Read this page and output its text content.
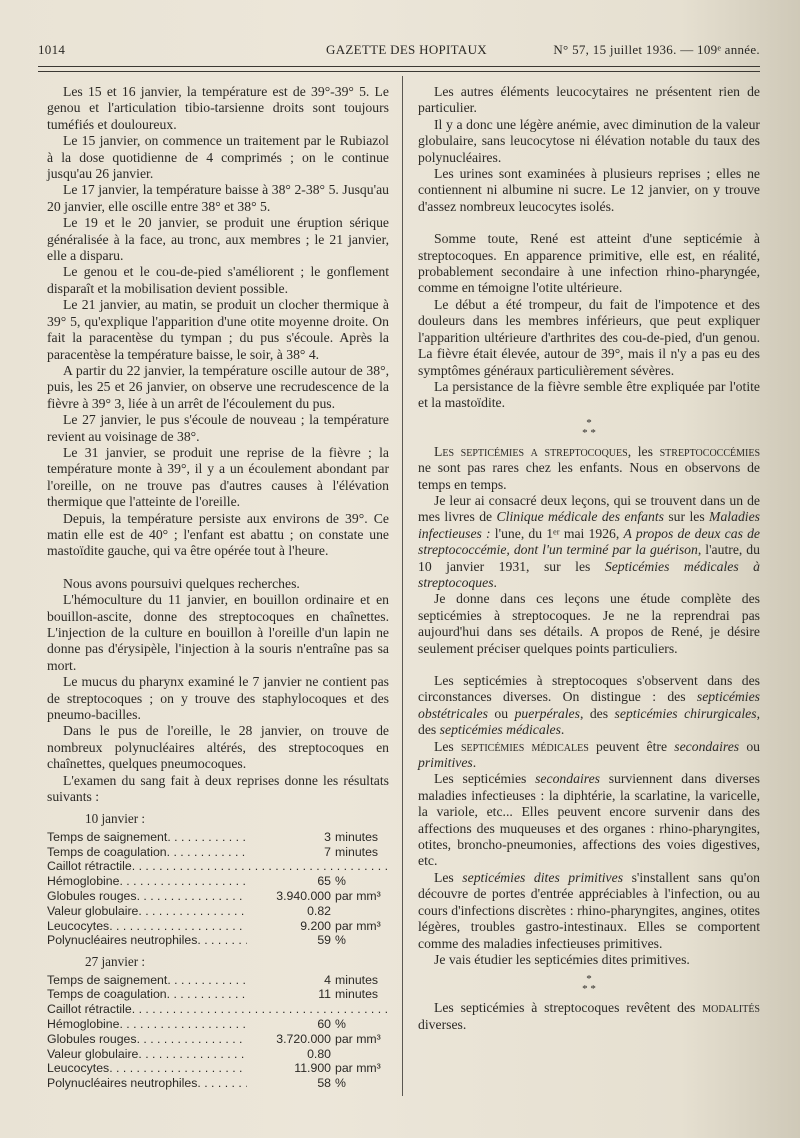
1014	GAZETTE DES HOPITAUX	N° 57, 15 juillet 1936. — 109ᵉ année.

Les 15 et 16 janvier, la température est de 39°-39° 5. Le genou et l'articulation tibio-tarsienne droits sont toujours tuméfiés et douloureux.

Le 15 janvier, on commence un traitement par le Rubiazol à la dose quotidienne de 4 comprimés ; on le continue jusqu'au 26 janvier.

Le 17 janvier, la température baisse à 38° 2-38° 5. Jusqu'au 20 janvier, elle oscille entre 38° et 38° 5.

Le 19 et le 20 janvier, se produit une éruption sérique généralisée à la face, au tronc, aux membres ; le 21 janvier, elle a disparu.

Le genou et le cou-de-pied s'améliorent ; le gonflement disparaît et la mobilisation devient possible.

Le 21 janvier, au matin, se produit un clocher thermique à 39° 5, qu'explique l'apparition d'une otite moyenne droite. On fait la paracentèse du tympan ; du pus s'écoule. Après la paracentèse la température baisse, le soir, à 38° 4.

A partir du 22 janvier, la température oscille autour de 38°, puis, les 25 et 26 janvier, on observe une recrudescence de la fièvre à 39° 3, liée à un arrêt de l'écoulement du pus.

Le 27 janvier, le pus s'écoule de nouveau ; la température revient au voisinage de 38°.

Le 31 janvier, se produit une reprise de la fièvre ; la température monte à 39°, il y a un écoulement abondant par l'oreille, on ne trouve pas d'autres causes à l'élévation thermique que l'atteinte de l'oreille.

Depuis, la température persiste aux environs de 39°. Ce matin elle est de 40° ; l'enfant est abattu ; on constate une mastoïdite gauche, qui va être opérée tout à l'heure.

Nous avons poursuivi quelques recherches.

L'hémoculture du 11 janvier, en bouillon ordinaire et en bouillon-ascite, donne des streptocoques en chaînettes. L'injection de la culture en bouillon à l'oreille d'un lapin ne donne pas d'érysipèle, l'injection à la souris n'entraîne pas sa mort.

Le mucus du pharynx examiné le 7 janvier ne contient pas de streptocoques ; on y trouve des staphylocoques et des pneumo-bacilles.

Dans le pus de l'oreille, le 28 janvier, on trouve de nombreux polynucléaires altérés, des streptocoques en chaînettes, quelques pneumocoques.

L'examen du sang fait à deux reprises donne les résultats suivants :

10 janvier :
Temps de saignement . . .	3 minutes
Temps de coagulation . . .	7 minutes
Caillot rétractile
. . .
Hémoglobine . . .	65 %
Globules rouges . . .	3.940.000 par mm³
Valeur globulaire . . .	0.82
Leucocytes . . .	9.200 par mm³
Polynucléaires neutrophiles . . .	59 %
27 janvier :
Temps de saignement . . .	4 minutes
Temps de coagulation . . .	11 minutes
Caillot rétractile
. . .
Hémoglobine . . .	60 %
Globules rouges . . .	3.720.000 par mm³
Valeur globulaire . . .	0.80
Leucocytes . . .	11.900 par mm³
Polynucléaires neutrophiles . . .	58 %

Les autres éléments leucocytaires ne présentent rien de particulier.

Il y a donc une légère anémie, avec diminution de la valeur globulaire, sans leucocytose ni élévation notable du taux des polynucléaires.

Les urines sont examinées à plusieurs reprises ; elles ne contiennent ni albumine ni sucre. Le 12 janvier, on y trouve d'assez nombreux leucocytes isolés.

Somme toute, René est atteint d'une septicémie à streptocoques. En apparence primitive, elle est, en réalité, probablement secondaire à une infection rhino-pharyngée, comme en témoigne l'otite ultérieure.

Le début a été trompeur, du fait de l'impotence et des douleurs dans les membres inférieurs, que peut expliquer l'apparition ultérieure d'arthrites des cou-de-pied, d'un genou. La fièvre était élevée, autour de 39°, mais il n'y a pas eu des symptômes généraux particulièrement sévères.

La persistance de la fièvre semble être expliquée par l'otite et la mastoïdite.

*
* *

Les septicémies a streptocoques, les streptococcémies ne sont pas rares chez les enfants. Nous en observons de temps en temps.

Je leur ai consacré deux leçons, qui se trouvent dans un de mes livres de Clinique médicale des enfants sur les Maladies infectieuses : l'une, du 1ᵉʳ mai 1926, A propos de deux cas de streptococcémie, dont l'un terminé par la guérison, l'autre, du 10 janvier 1931, sur les Septicémies médicales à streptocoques.

Je donne dans ces leçons une étude complète des septicémies à streptocoques. Je ne la reprendrai pas aujourd'hui dans ses détails. A propos de René, je désire seulement préciser quelques points particuliers.

Les septicémies à streptocoques s'observent dans des circonstances diverses. On distingue : des septicémies obstétricales ou puerpérales, des septicémies chirurgicales, des septicémies médicales.

Les septicémies médicales peuvent être secondaires ou primitives.

Les septicémies secondaires surviennent dans diverses maladies infectieuses : la diphtérie, la scarlatine, la varicelle, la variole, etc... Elles peuvent encore survenir dans des affections des muqueuses et des organes : rhino-pharyngites, otites, broncho-pneumonies, affections des voies digestives, etc.

Les septicémies dites primitives s'installent sans qu'on découvre de portes d'entrée appréciables à l'infection, ou au cours d'infections discrètes : rhino-pharyngites, angines, otites légères, troubles gastro-intestinaux. Elles se comportent comme des maladies infectieuses primitives.

Je vais étudier les septicémies dites primitives.

*
* *

Les septicémies à streptocoques revêtent des modalités diverses.
